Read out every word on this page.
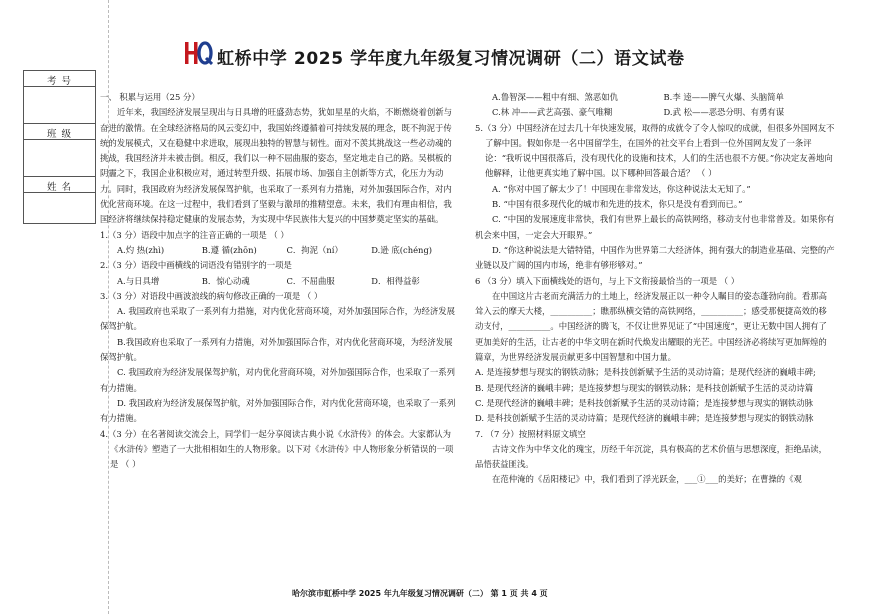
考 号
班 级
姓 名
虹桥中学 2025 学年度九年级复习情况调研（二）语文试卷

一、 积累与运用（25 分）

近年来，我国经济发展呈现出与日具增的旺盛劲态势，犹如星星的火焰，不断燃烧着创新与奋进的激情。在全球经济格局的风云变幻中，我国始终遵循着可持续发展的理念，既不拘泥于传统的发展模式，又在稳健中求进取，展现出独特的智慧与韧性。面对不羡其挑战这一些必动魂的挑战，我国经济并未被击倒。相反，我们以一种不屈曲服的姿态，坚定地走自己的路。吴棋板的阴霾之下，我国企业积极应对，通过转型升级、拓展市场、加强自主创新等方式，化压力为动力。同时，我国政府为经济发展保驾护航，也采取了一系列有力措施，对外加强国际合作，对内优化营商环境。在这一过程中，我们看到了坚毅与激昂的推精望意。未来，我们有理由相信，我国经济将继续保持稳定健康的发展态势，为实现中华民族伟大复兴的中国梦奠定坚实的基础。

1.（3 分）语段中加点字的注音正确的一项是 （ ）

A.灼 热(zhì)	B.遵 循(zhōn)	C．拘泥（ní）	D.逊 底(chéng)

2.（3 分）语段中画横线的词语没有错别字的一项是

A.与日具增	B．惊心动魂	C．不屈曲服	D．相得益彰

3.（3 分）对语段中画波浪线的病句修改正确的一项是 （ ）

A. 我国政府也采取了一系列有力措施，对内优化营商环境，对外加强国际合作，为经济发展保驾护航。

B.我国政府也采取了一系列有力措施，对外加强国际合作，对内优化营商环境，为经济发展保驾护航。

C. 我国政府为经济发展保驾护航，对内优化营商环境，对外加强国际合作，也采取了一系列有力措施。

D. 我国政府为经济发展保驾护航，对外加强国际合作，对内优化营商环境，也采取了一系列有力措施。

4.（3 分）在名著阅读交流会上，同学们一起分享阅读古典小说《水浒传》的体会。大家都认为《水浒传》塑造了一大批相相如生的人物形象。以下对《水浒传》中人物形象分析错误的一项是 （ ）

A.鲁智深——粗中有细、煞恶如仇	B.李 逵——脾气火爆、头脑简单
C.林 冲——武艺高强、豪气唯糊	D.武 松——恶恐分明、有勇有谋

5.（3 分）中国经济在过去几十年快速发展，取得的成就令了令人惊叹的成就，但很多外国网友不了解中国。假如你是一名中国留学生，在国外的社交平台上看到一位外国网友发了一条评论：“我听说中国很落后，没有现代化的设施和技术，人们的生活也很不方便。”你决定友善地向他解释，让他更真实地了解中国。以下哪种回答最合适？ （ ）

A. “你对中国了解太少了！中国现在非常发达，你这种说法太无知了。”

B. “中国有很多现代化的城市和先进的技术，你只是没有看到而已。”

C. “中国的发展速度非常快，我们有世界上最长的高铁网络，移动支付也非常普及。如果你有机会来中国，一定会大开眼界。”

D. “你这种说法是大错特错，中国作为世界第二大经济体，拥有强大的制造业基础、完整的产业链以及广阔的国内市场，绝非有够形够对。”

6 （3 分）填入下面横线处的语句，与上下文衔接最恰当的一项是 （ ）

在中国这片古老而充满活力的土地上，经济发展正以一种令人瞩目的姿态蓬勃向前。看那高耸入云的摩天大楼，__________；瞧那纵横交错的高铁网络，__________；感受那便捷高效的移动支付，__________。中国经济的腾飞，不仅让世界见证了“中国速度”，更让无数中国人拥有了更加美好的生活，让古老的中华文明在新时代焕发出耀眼的光芒。中国经济必将续写更加辉煌的篇章，为世界经济发展贡献更多中国智慧和中国力量。

A. 是连接梦想与现实的钢铁动脉；是科技创新赋予生活的灵动诗篇；是现代经济的巍峨丰碑;

B. 是现代经济的巍峨丰碑；是连接梦想与现实的钢铁动脉；是科技创新赋予生活的灵动诗篇

C. 是现代经济的巍峨丰碑；是科技创新赋予生活的灵动诗篇；是连接梦想与现实的钢铁动脉

D. 是科技创新赋予生活的灵动诗篇；是现代经济的巍峨丰碑；是连接梦想与现实的钢铁动脉

7. （7 分）按照材料原文填空

古诗文作为中华文化的瑰宝，历经千年沉淀，具有极高的艺术价值与思想深度，拒绝品读，品悟获益匪浅。

在范仲淹的《岳阳楼记》中，我们看到了浮光跃金，___①___的美好；在曹操的《观

哈尔滨市虹桥中学 2025 年九年级复习情况调研（二） 第 1 页 共 4 页
